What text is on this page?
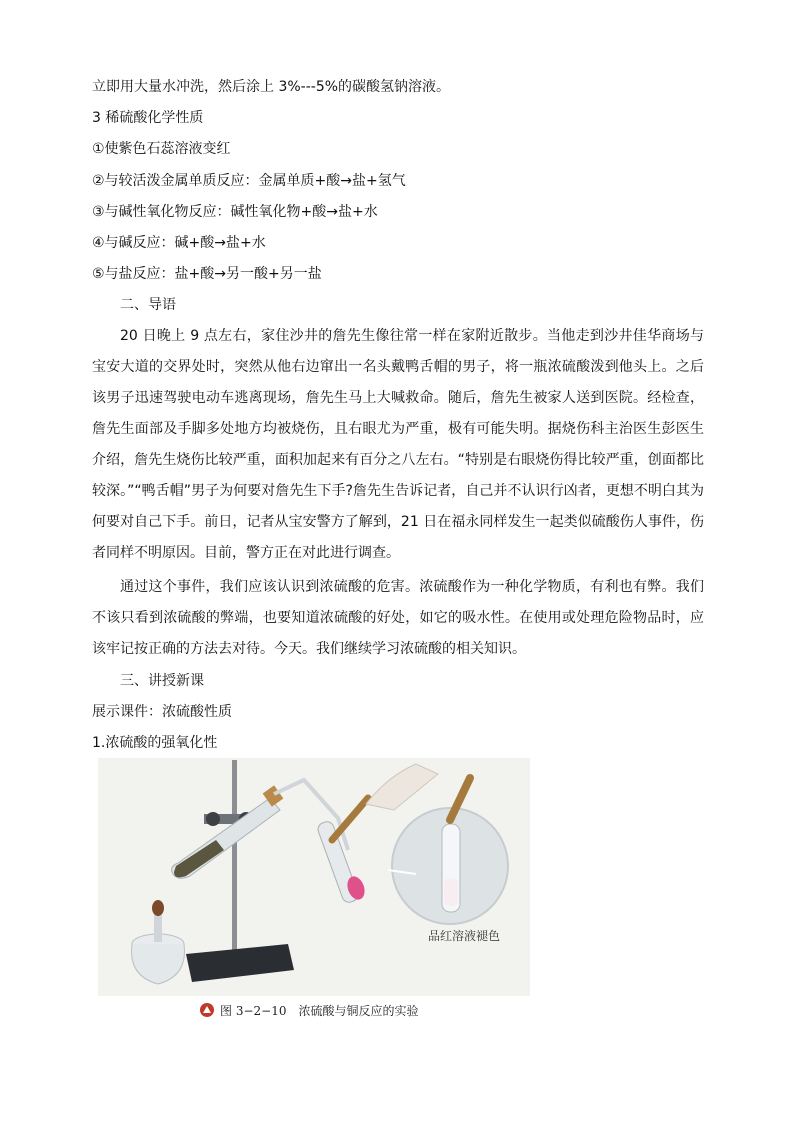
立即用大量水冲洗，然后涂上 3%---5%的碳酸氢钠溶液。
3 稀硫酸化学性质
①使紫色石蕊溶液变红
②与较活泼金属单质反应：金属单质+酸→盐+氢气
③与碱性氧化物反应：碱性氧化物+酸→盐+水
④与碱反应：碱+酸→盐+水
⑤与盐反应：盐+酸→另一酸+另一盐
二、导语
20 日晚上 9 点左右，家住沙井的詹先生像往常一样在家附近散步。当他走到沙井佳华商场与宝安大道的交界处时，突然从他右边窜出一名头戴鸭舌帽的男子，将一瓶浓硫酸泼到他头上。之后该男子迅速驾驶电动车逃离现场，詹先生马上大喊救命。随后，詹先生被家人送到医院。经检查，詹先生面部及手脚多处地方均被烧伤，且右眼尤为严重，极有可能失明。据烧伤科主治医生彭医生介绍，詹先生烧伤比较严重，面积加起来有百分之八左右。“特别是右眼烧伤得比较严重，创面都比较深。”“鸭舌帽”男子为何要对詹先生下手?詹先生告诉记者，自己并不认识行凶者，更想不明白其为何要对自己下手。前日，记者从宝安警方了解到，21 日在福永同样发生一起类似硫酸伤人事件，伤者同样不明原因。目前，警方正在对此进行调查。
通过这个事件，我们应该认识到浓硫酸的危害。浓硫酸作为一种化学物质，有利也有弊。我们不该只看到浓硫酸的弊端，也要知道浓硫酸的好处，如它的吸水性。在使用或处理危险物品时，应该牢记按正确的方法去对待。今天。我们继续学习浓硫酸的相关知识。
三、讲授新课
展示课件：浓硫酸性质
1.浓硫酸的强氧化性
品红溶液褪色
图 3−2−10　浓硫酸与铜反应的实验
